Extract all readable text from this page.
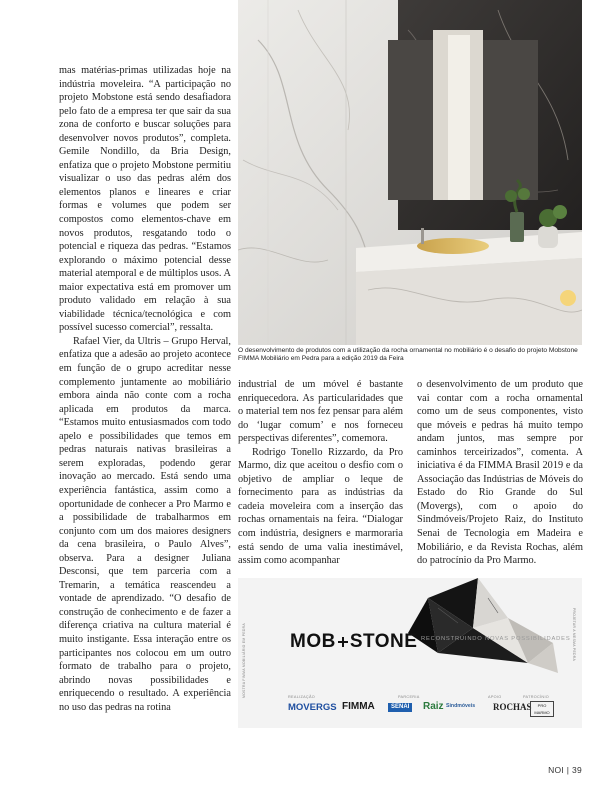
mas matérias-primas utilizadas hoje na indústria moveleira. “A participação no projeto Mobstone está sendo desafiadora pelo fato de a empresa ter que sair da sua zona de conforto e buscar soluções para desenvolver novos produtos”, completa. Gemile Nondillo, da Bria Design, enfatiza que o projeto Mobstone permitiu visualizar o uso das pedras além dos elementos planos e lineares e criar formas e volumes que podem ser compostos como elementos-chave em novos produtos, resgatando todo o potencial e riqueza das pedras. “Estamos explorando o máximo potencial desse material atemporal e de múltiplos usos. A maior expectativa está em promover um produto validado em relação à sua viabilidade técnica/tecnológica e com possível sucesso comercial”, ressalta.

Rafael Vier, da Ultris – Grupo Herval, enfatiza que a adesão ao projeto acontece em função de o grupo acreditar nesse complemento juntamente ao mobiliário embora ainda não conte com a rocha aplicada em produtos da marca. “Estamos muito entusiasmados com todo apelo e possibilidades que temos em pedras naturais nativas brasileiras a serem exploradas, podendo gerar inovação ao mercado. Está sendo uma experiência fantástica, assim como a oportunidade de conhecer a Pro Marmo e a possibilidade de trabalharmos em conjunto com um dos maiores designers da cena brasileira, o Paulo Alves”, observa. Para a designer Juliana Desconsi, que tem parceria com a Tremarin, a temática reascendeu a vontade de aprendizado. “O desafio de construção de conhecimento e de fazer a diferença criativa na cultura material é muito instigante. Essa interação entre os participantes nos colocou em um outro formato de trabalho para o projeto, abrindo novas possibilidades e enriquecendo o resultado. A experiência no uso das pedras na rotina

O desenvolvimento de produtos com a utilização da rocha ornamental no mobiliário é o desafio do projeto Mobstone FIMMA Mobiliário em Pedra para a edição 2019 da Feira

industrial de um móvel é bastante enriquecedora. As particularidades que o material tem nos fez pensar para além do ‘lugar comum’ e nos forneceu perspectivas diferentes”, comemora.

Rodrigo Tonello Rizzardo, da Pro Marmo, diz que aceitou o desfio com o objetivo de ampliar o leque de fornecimento para as indústrias da cadeia moveleira com a inserção das rochas ornamentais na feira. “Dialogar com indústria, designers e marmoraria está sendo de uma valia inestimável, assim como acompanhar

o desenvolvimento de um produto que vai contar com a rocha ornamental como um de seus componentes, visto que móveis e pedras há muito tempo andam juntos, mas sempre por caminhos terceirizados”, comenta. A iniciativa é da FIMMA Brasil 2019 e da Associação das Indústrias de Móveis do Estado do Rio Grande do Sul (Movergs), com o apoio do Sindmóveis/Projeto Raiz, do Instituto Senai de Tecnologia em Madeira e Mobiliário, e da Revista Rochas, além do patrocínio da Pro Marmo.

MOSTRA FIMMA MOBILIÁRIO EM PEDRA	PROJETAR A MESMA PEDRA
MOB STONE RECONSTRUINDO NOVAS POSSIBILIDADES
REALIZAÇÃO	PARCERIA	APOIO	PATROCÍNIO
MOVERGS FIMMA	SENAI	Raiz Sindmóveis ROCHAS	PRO MARMO
NOI | 39
